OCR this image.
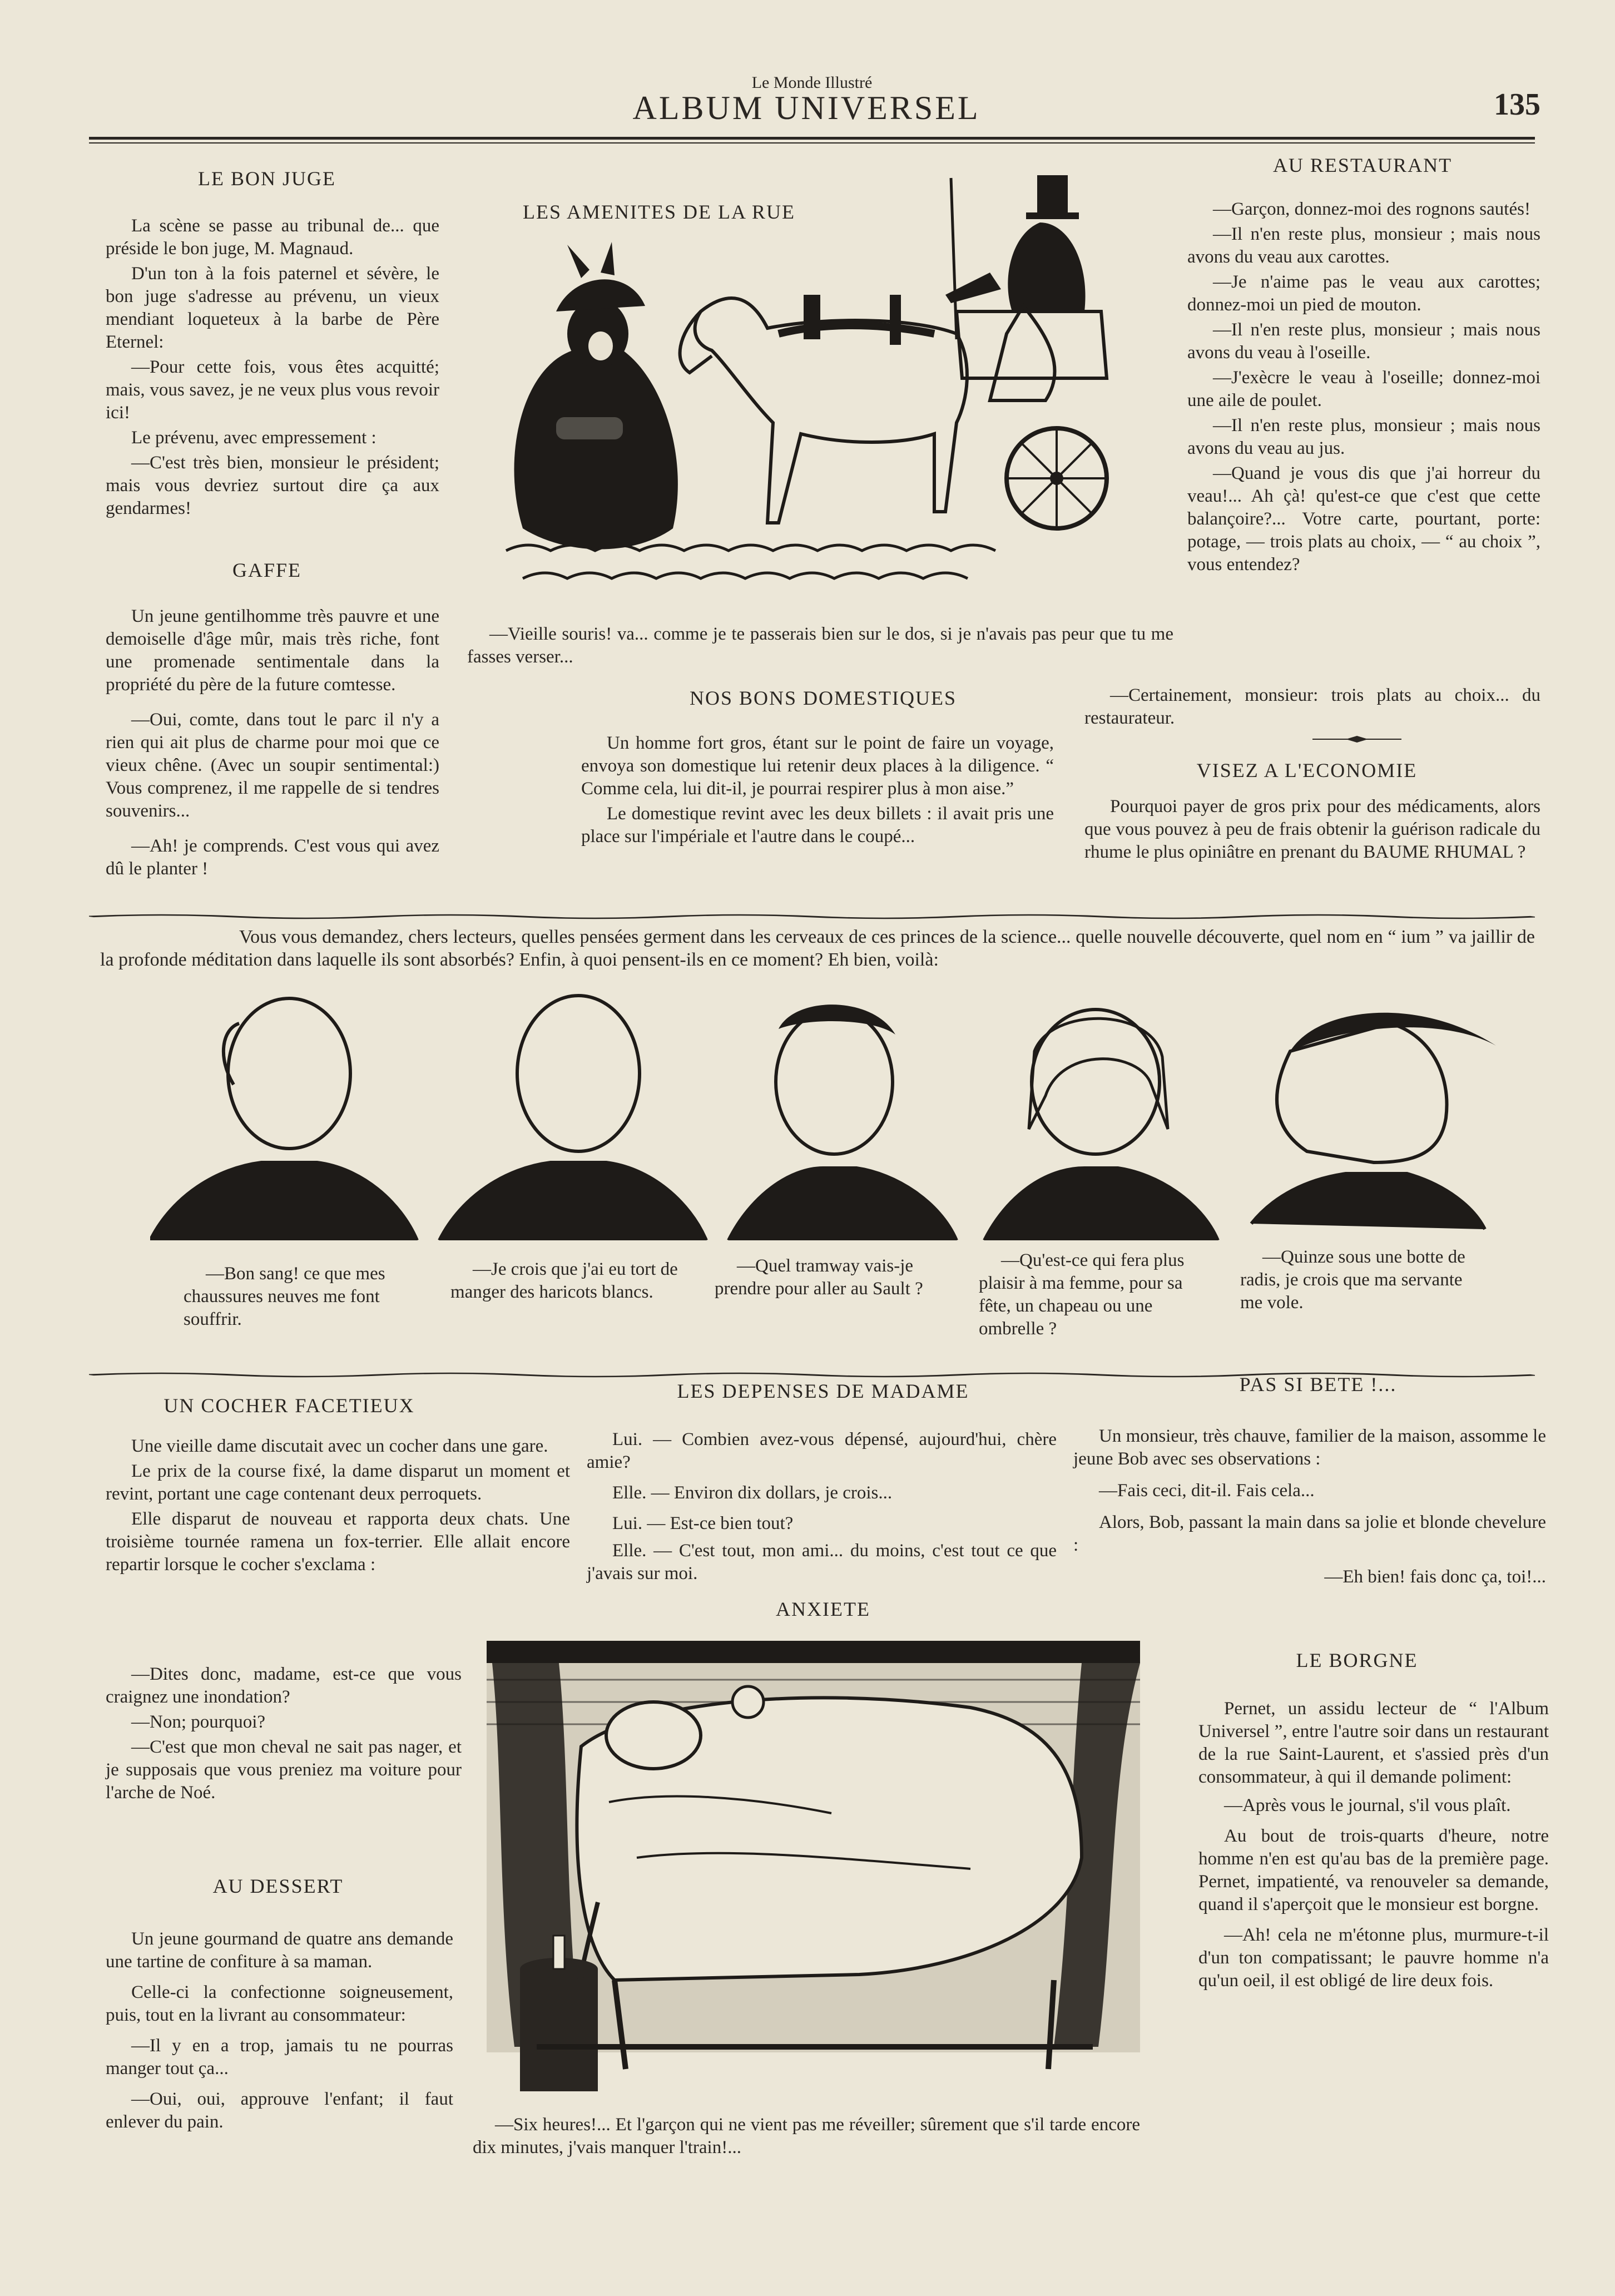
Le Monde Illustré
ALBUM UNIVERSEL	135
LE BON JUGE

La scène se passe au tribunal de... que préside le bon juge, M. Magnaud.

D'un ton à la fois paternel et sévère, le bon juge s'adresse au prévenu, un vieux mendiant loqueteux à la barbe de Père Eternel:

—Pour cette fois, vous êtes acquitté; mais, vous savez, je ne veux plus vous revoir ici!

Le prévenu, avec empressement :

—C'est très bien, monsieur le président; mais vous devriez surtout dire ça aux gendarmes!

GAFFE

Un jeune gentilhomme très pauvre et une demoiselle d'âge mûr, mais très riche, font une promenade sentimentale dans la propriété du père de la future comtesse.

—Oui, comte, dans tout le parc il n'y a rien qui ait plus de charme pour moi que ce vieux chêne. (Avec un soupir sentimental:) Vous comprenez, il me rappelle de si tendres souvenirs...

—Ah! je comprends. C'est vous qui avez dû le planter !

LES AMENITES DE LA RUE

—Vieille souris! va... comme je te passerais bien sur le dos, si je n'avais pas peur que tu me fasses verser...

NOS BONS DOMESTIQUES

Un homme fort gros, étant sur le point de faire un voyage, envoya son domestique lui retenir deux places à la diligence. “ Comme cela, lui dit-il, je pourrai respirer plus à mon aise.”

Le domestique revint avec les deux billets : il avait pris une place sur l'impériale et l'autre dans le coupé...

AU RESTAURANT

—Garçon, donnez-moi des rognons sautés!

—Il n'en reste plus, monsieur ; mais nous avons du veau aux carottes.

—Je n'aime pas le veau aux carottes; donnez-moi un pied de mouton.

—Il n'en reste plus, monsieur ; mais nous avons du veau à l'oseille.

—J'exècre le veau à l'oseille; donnez-moi une aile de poulet.

—Il n'en reste plus, monsieur ; mais nous avons du veau au jus.

—Quand je vous dis que j'ai horreur du veau!... Ah çà! qu'est-ce que c'est que cette balançoire?... Votre carte, pourtant, porte: potage, — trois plats au choix, — “ au choix ”, vous entendez?

—Certainement, monsieur: trois plats au choix... du restaurateur.

VISEZ A L'ECONOMIE

Pourquoi payer de gros prix pour des médicaments, alors que vous pouvez à peu de frais obtenir la guérison radicale du rhume le plus opiniâtre en prenant du BAUME RHUMAL ?

Vous vous demandez, chers lecteurs, quelles pensées germent dans les cerveaux de ces princes de la science... quelle nouvelle découverte, quel nom en “ ium ” va jaillir de la profonde méditation dans laquelle ils sont absorbés? Enfin, à quoi pensent-ils en ce moment? Eh bien, voilà:

—Bon sang! ce que mes chaussures neuves me font souffrir.

—Je crois que j'ai eu tort de manger des haricots blancs.

—Quel tramway vais-je prendre pour aller au Sault ?

—Qu'est-ce qui fera plus plaisir à ma femme, pour sa fête, un chapeau ou une ombrelle ?

—Quinze sous une botte de radis, je crois que ma servante me vole.

UN COCHER FACETIEUX

Une vieille dame discutait avec un cocher dans une gare.

Le prix de la course fixé, la dame disparut un moment et revint, portant une cage contenant deux perroquets.

Elle disparut de nouveau et rapporta deux chats. Une troisième tournée ramena un fox-terrier. Elle allait encore repartir lorsque le cocher s'exclama :

—Dites donc, madame, est-ce que vous craignez une inondation?

—Non; pourquoi?

—C'est que mon cheval ne sait pas nager, et je supposais que vous preniez ma voiture pour l'arche de Noé.

AU DESSERT

Un jeune gourmand de quatre ans demande une tartine de confiture à sa maman.

Celle-ci la confectionne soigneusement, puis, tout en la livrant au consommateur:

—Il y en a trop, jamais tu ne pourras manger tout ça...

—Oui, oui, approuve l'enfant; il faut enlever du pain.

LES DEPENSES DE MADAME

Lui. — Combien avez-vous dépensé, aujourd'hui, chère amie?

Elle. — Environ dix dollars, je crois...

Lui. — Est-ce bien tout?

Elle. — C'est tout, mon ami... du moins, c'est tout ce que j'avais sur moi.

ANXIETE

—Six heures!... Et l'garçon qui ne vient pas me réveiller; sûrement que s'il tarde encore dix minutes, j'vais manquer l'train!...

PAS SI BETE !...

Un monsieur, très chauve, familier de la maison, assomme le jeune Bob avec ses observations :

—Fais ceci, dit-il. Fais cela...

Alors, Bob, passant la main dans sa jolie et blonde chevelure :

—Eh bien! fais donc ça, toi!...

LE BORGNE

Pernet, un assidu lecteur de “ l'Album Universel ”, entre l'autre soir dans un restaurant de la rue Saint-Laurent, et s'assied près d'un consommateur, à qui il demande poliment:

—Après vous le journal, s'il vous plaît.

Au bout de trois-quarts d'heure, notre homme n'en est qu'au bas de la première page. Pernet, impatienté, va renouveler sa demande, quand il s'aperçoit que le monsieur est borgne.

—Ah! cela ne m'étonne plus, murmure-t-il d'un ton compatissant; le pauvre homme n'a qu'un oeil, il est obligé de lire deux fois.
